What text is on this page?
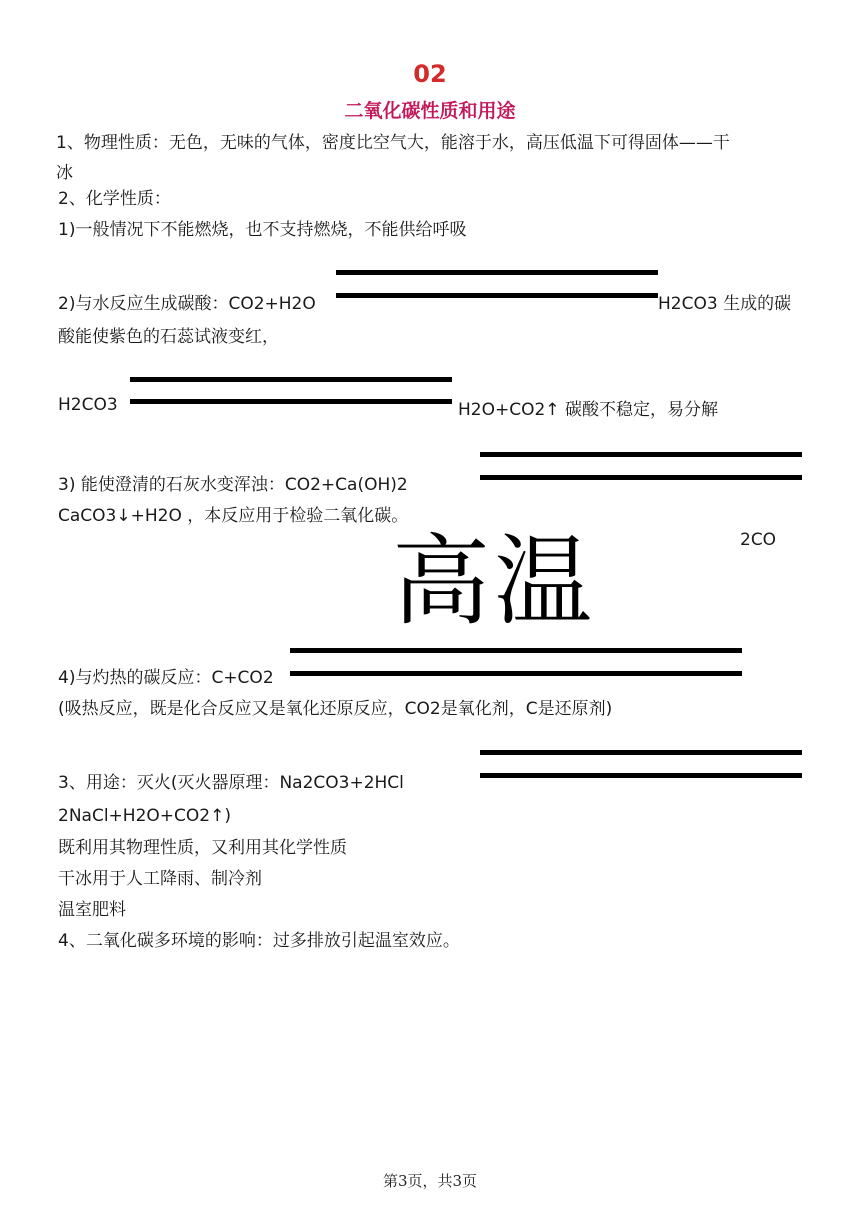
02
二氧化碳性质和用途
1、物理性质：无色，无味的气体，密度比空气大，能溶于水，高压低温下可得固体——干
冰
2、化学性质：
1)一般情况下不能燃烧，也不支持燃烧，不能供给呼吸
2)与水反应生成碳酸：CO2+H2O	H2CO3 生成的碳
酸能使紫色的石蕊试液变红，
H2CO3	H2O+CO2↑ 碳酸不稳定，易分解
3) 能使澄清的石灰水变浑浊：CO2+Ca(OH)2
CaCO3↓+H2O ，本反应用于检验二氧化碳。
2CO
高温
4)与灼热的碳反应：C+CO2
(吸热反应，既是化合反应又是氧化还原反应，CO2是氧化剂，C是还原剂)
3、用途：灭火(灭火器原理：Na2CO3+2HCl
2NaCl+H2O+CO2↑)
既利用其物理性质，又利用其化学性质
干冰用于人工降雨、制冷剂
温室肥料
4、二氧化碳多环境的影响：过多排放引起温室效应。
第3页，共3页
